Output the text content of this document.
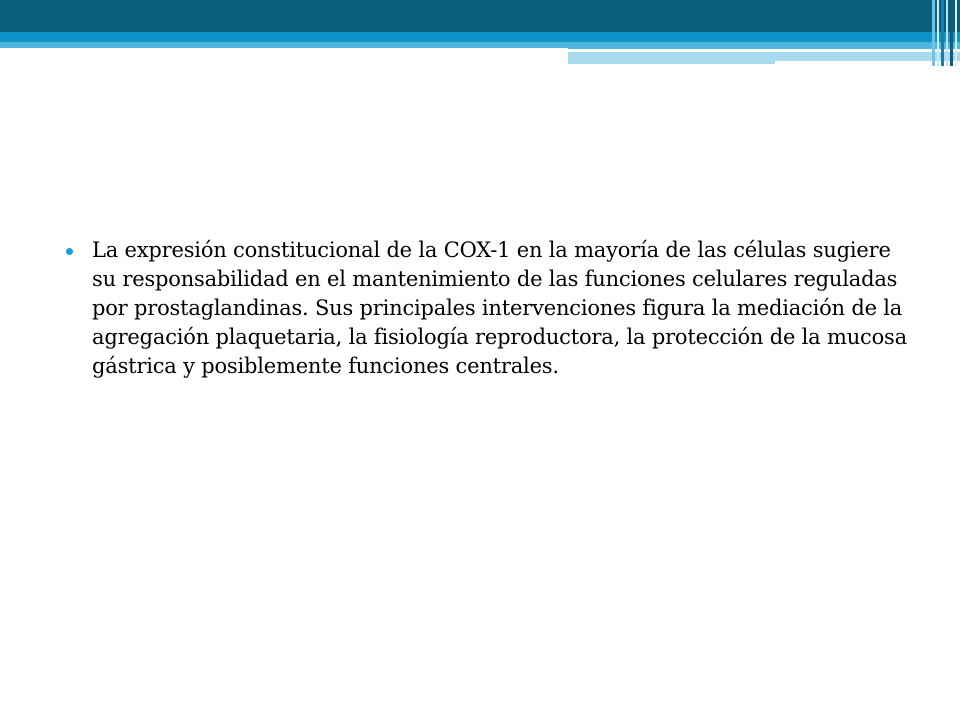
La expresión constitucional de la COX-1 en la mayoría de las células sugiere su responsabilidad en el mantenimiento de las funciones celulares reguladas por prostaglandinas. Sus principales intervenciones figura la mediación de la agregación plaquetaria, la fisiología reproductora, la protección de la mucosa gástrica y posiblemente funciones centrales.
